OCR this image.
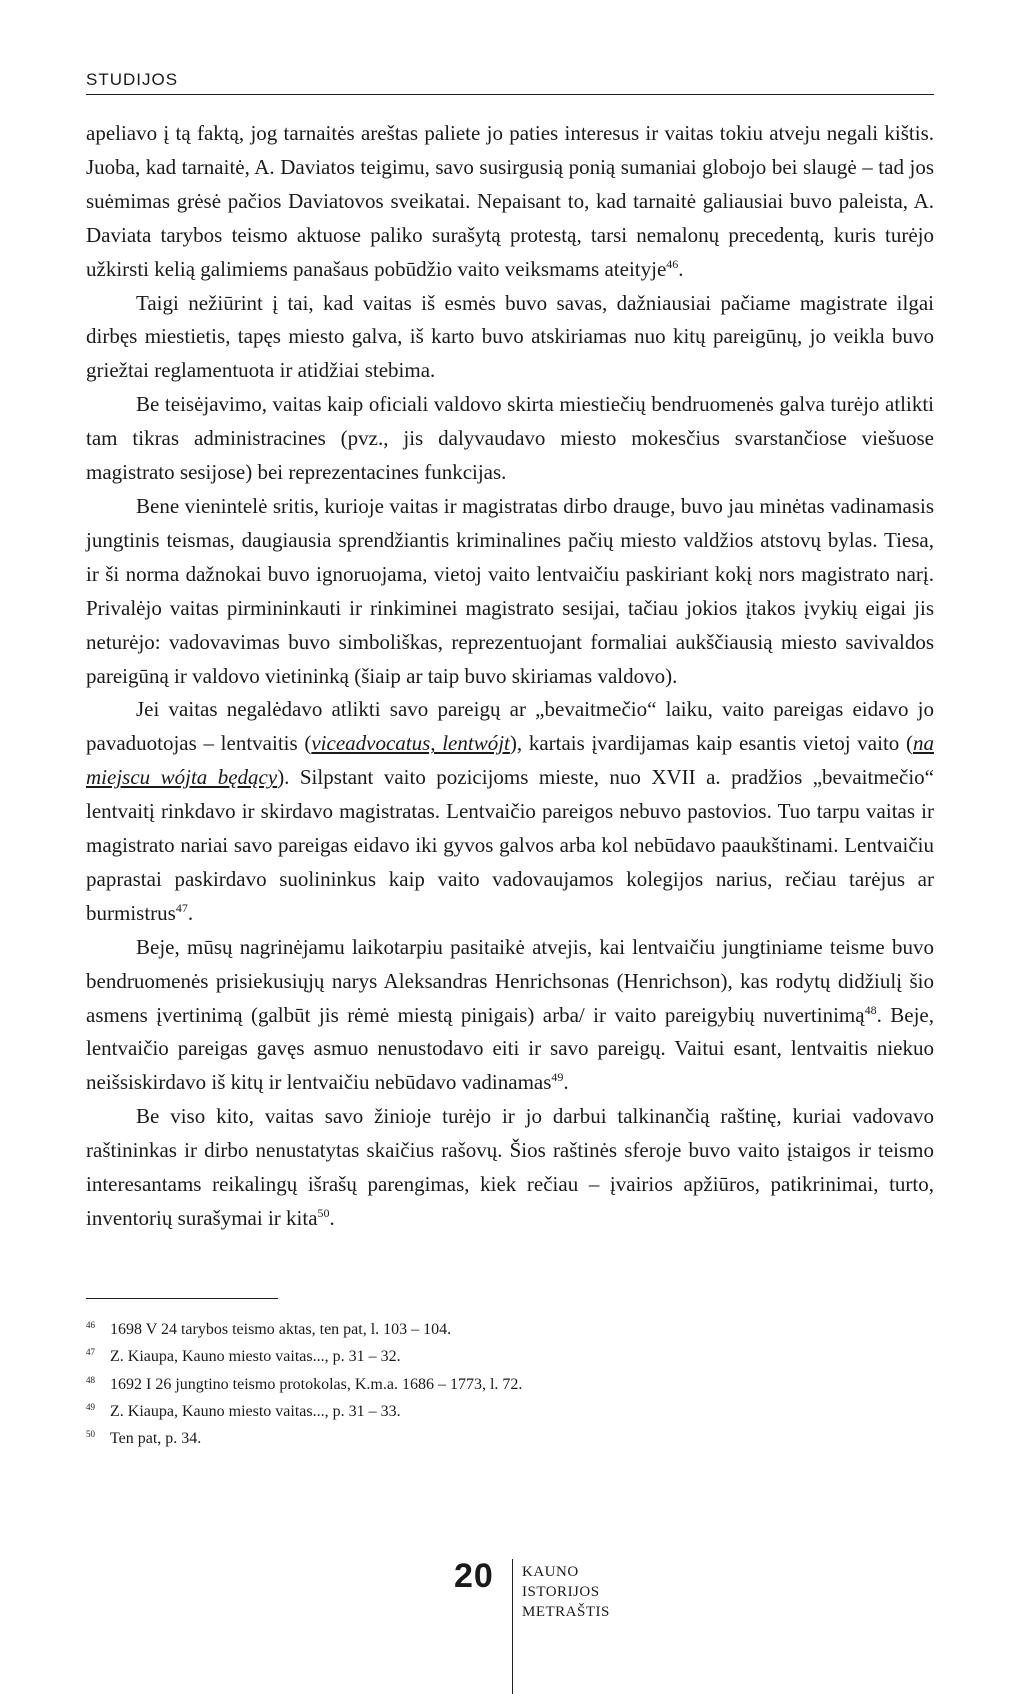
STUDIJOS

apeliavo į tą faktą, jog tarnaitės areštas paliete jo paties interesus ir vaitas tokiu atveju negali kištis. Juoba, kad tarnaitė, A. Daviatos teigimu, savo susirgusią ponią sumaniai globojo bei slaugė – tad jos suėmimas grėsė pačios Daviatovos sveikatai. Nepaisant to, kad tarnaitė galiausiai buvo paleista, A. Daviata tarybos teismo aktuose paliko surašytą protestą, tarsi nemalonų precedentą, kuris turėjo užkirsti kelią galimiems panašaus pobūdžio vaito veiksmams ateityje$^{46}$.

Taigi nežiūrint į tai, kad vaitas iš esmės buvo savas, dažniausiai pačiame magistrate ilgai dirbęs miestietis, tapęs miesto galva, iš karto buvo atskiriamas nuo kitų pareigūnų, jo veikla buvo griežtai reglamentuota ir atidžiai stebima.

Be teisėjavimo, vaitas kaip oficiali valdovo skirta miestiečių bendruomenės galva turėjo atlikti tam tikras administracines (pvz., jis dalyvaudavo miesto mokesčius svarstančiose viešuose magistrato sesijose) bei reprezentacines funkcijas.

Bene vienintelė sritis, kurioje vaitas ir magistratas dirbo drauge, buvo jau minėtas vadinamasis jungtinis teismas, daugiausia sprendžiantis kriminalines pačių miesto valdžios atstovų bylas. Tiesa, ir ši norma dažnokai buvo ignoruojama, vietoj vaito lentvaičiu paskiriant kokį nors magistrato narį. Privalėjo vaitas pirmininkauti ir rinkiminei magistrato sesijai, tačiau jokios įtakos įvykių eigai jis neturėjo: vadovavimas buvo simboliškas, reprezentuojant formaliai aukščiausią miesto savivaldos pareigūną ir valdovo vietininką (šiaip ar taip buvo skiriamas valdovo).

Jei vaitas negalėdavo atlikti savo pareigų ar „bevaitmečio“ laiku, vaito pareigas eidavo jo pavaduotojas – lentvaitis (viceadvocatus, lentwójt), kartais įvardijamas kaip esantis vietoj vaito (na miejscu wójta będący). Silpstant vaito pozicijoms mieste, nuo XVII a. pradžios „bevaitmečio“ lentvaitį rinkdavo ir skirdavo magistratas. Lentvaičio pareigos nebuvo pastovios. Tuo tarpu vaitas ir magistrato nariai savo pareigas eidavo iki gyvos galvos arba kol nebūdavo paaukštinami. Lentvaičiu paprastai paskirdavo suolininkus kaip vaito vadovaujamos kolegijos narius, rečiau tarėjus ar burmistrus$^{47}$.

Beje, mūsų nagrinėjamu laikotarpiu pasitaikė atvejis, kai lentvaičiu jungtiniame teisme buvo bendruomenės prisiekusiųjų narys Aleksandras Henrichsonas (Henrichson), kas rodytų didžiulį šio asmens įvertinimą (galbūt jis rėmė miestą pinigais) arba/ ir vaito pareigybių nuvertinimą$^{48}$. Beje, lentvaičio pareigas gavęs asmuo nenustodavo eiti ir savo pareigų. Vaitui esant, lentvaitis niekuo neišsiskirdavo iš kitų ir lentvaičiu nebūdavo vadinamas$^{49}$.

Be viso kito, vaitas savo žinioje turėjo ir jo darbui talkinančią raštinę, kuriai vadovavo raštininkas ir dirbo nenustatytas skaičius rašovų. Šios raštinės sferoje buvo vaito įstaigos ir teismo interesantams reikalingų išrašų parengimas, kiek rečiau – įvairios apžiūros, patikrinimai, turto, inventorių surašymai ir kita$^{50}$.

46 1698 V 24 tarybos teismo aktas, ten pat, l. 103 – 104.
47 Z. Kiaupa, Kauno miesto vaitas..., p. 31 – 32.
48 1692 I 26 jungtino teismo protokolas, K.m.a. 1686 – 1773, l. 72.
49 Z. Kiaupa, Kauno miesto vaitas..., p. 31 – 33.
50 Ten pat, p. 34.
20 KAUNO
ISTORIJOS
METRAŠTIS
